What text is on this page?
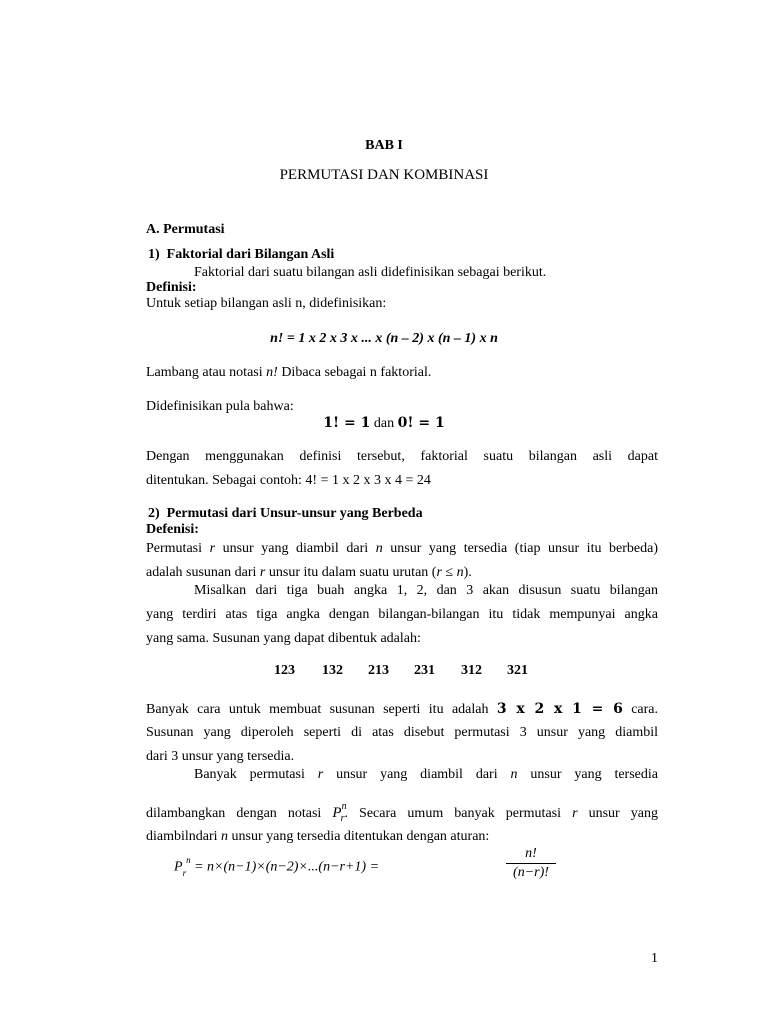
BAB I
PERMUTASI DAN KOMBINASI
A. Permutasi
1)  Faktorial dari Bilangan Asli
Faktorial dari suatu bilangan asli didefinisikan sebagai berikut.
Definisi:
Untuk setiap bilangan asli n, didefinisikan:
n! = 1 x 2 x 3 x ... x (n – 2) x (n – 1) x n
Lambang atau notasi n! Dibaca sebagai n faktorial.
Didefinisikan pula bahwa:
1! = 1 dan 0! = 1
Dengan menggunakan definisi tersebut, faktorial suatu bilangan asli dapat
ditentukan. Sebagai contoh: 4! = 1 x 2 x 3 x 4 = 24
2)  Permutasi dari Unsur-unsur yang Berbeda
Defenisi:
Permutasi r unsur yang diambil dari n unsur yang tersedia (tiap unsur itu berbeda)
adalah susunan dari r unsur itu dalam suatu urutan (r ≤ n).
Misalkan dari tiga buah angka 1, 2, dan 3 akan disusun suatu bilangan
yang terdiri atas tiga angka dengan bilangan-bilangan itu tidak mempunyai angka
yang sama. Susunan yang dapat dibentuk adalah:
123 132 213 231 312 321
Banyak cara untuk membuat susunan seperti itu adalah 3 x 2 x 1 = 6 cara.
Susunan yang diperoleh seperti di atas disebut permutasi 3 unsur yang diambil
dari 3 unsur yang tersedia.
Banyak permutasi r unsur yang diambil dari n unsur yang tersedia
dilambangkan dengan notasi $P^n_r$. Secara umum banyak permutasi r unsur yang
diambilndari n unsur yang tersedia ditentukan dengan aturan:
$P_r^n = n\times(n-1)\times(n-2)\times...(n-r+1)$ =
n!
(n−r)!
1
